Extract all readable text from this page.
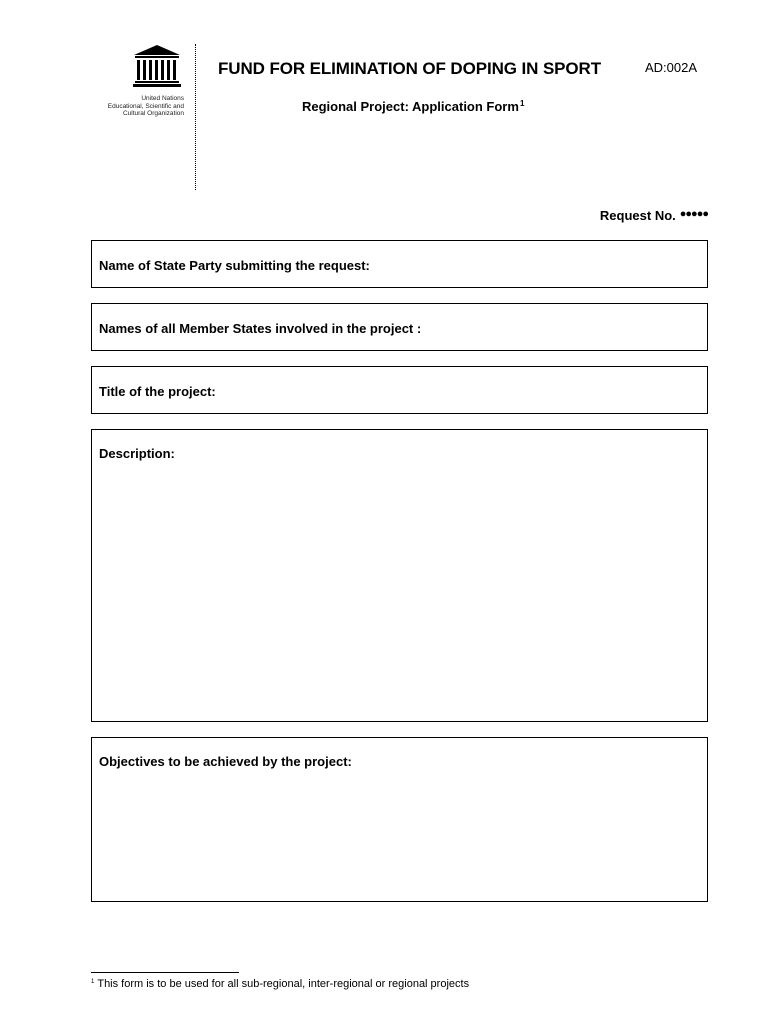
United Nations
Educational, Scientific and
Cultural Organization
FUND FOR ELIMINATION OF DOPING IN SPORT	AD:002A
Regional Project: Application Form$^1$
Request No. ●●●●●
Name of State Party submitting the request:
Names of all Member States involved in the project :
Title of the project:
Description:
Objectives to be achieved by the project:
$^1$ This form is to be used for all sub-regional, inter-regional or regional projects
